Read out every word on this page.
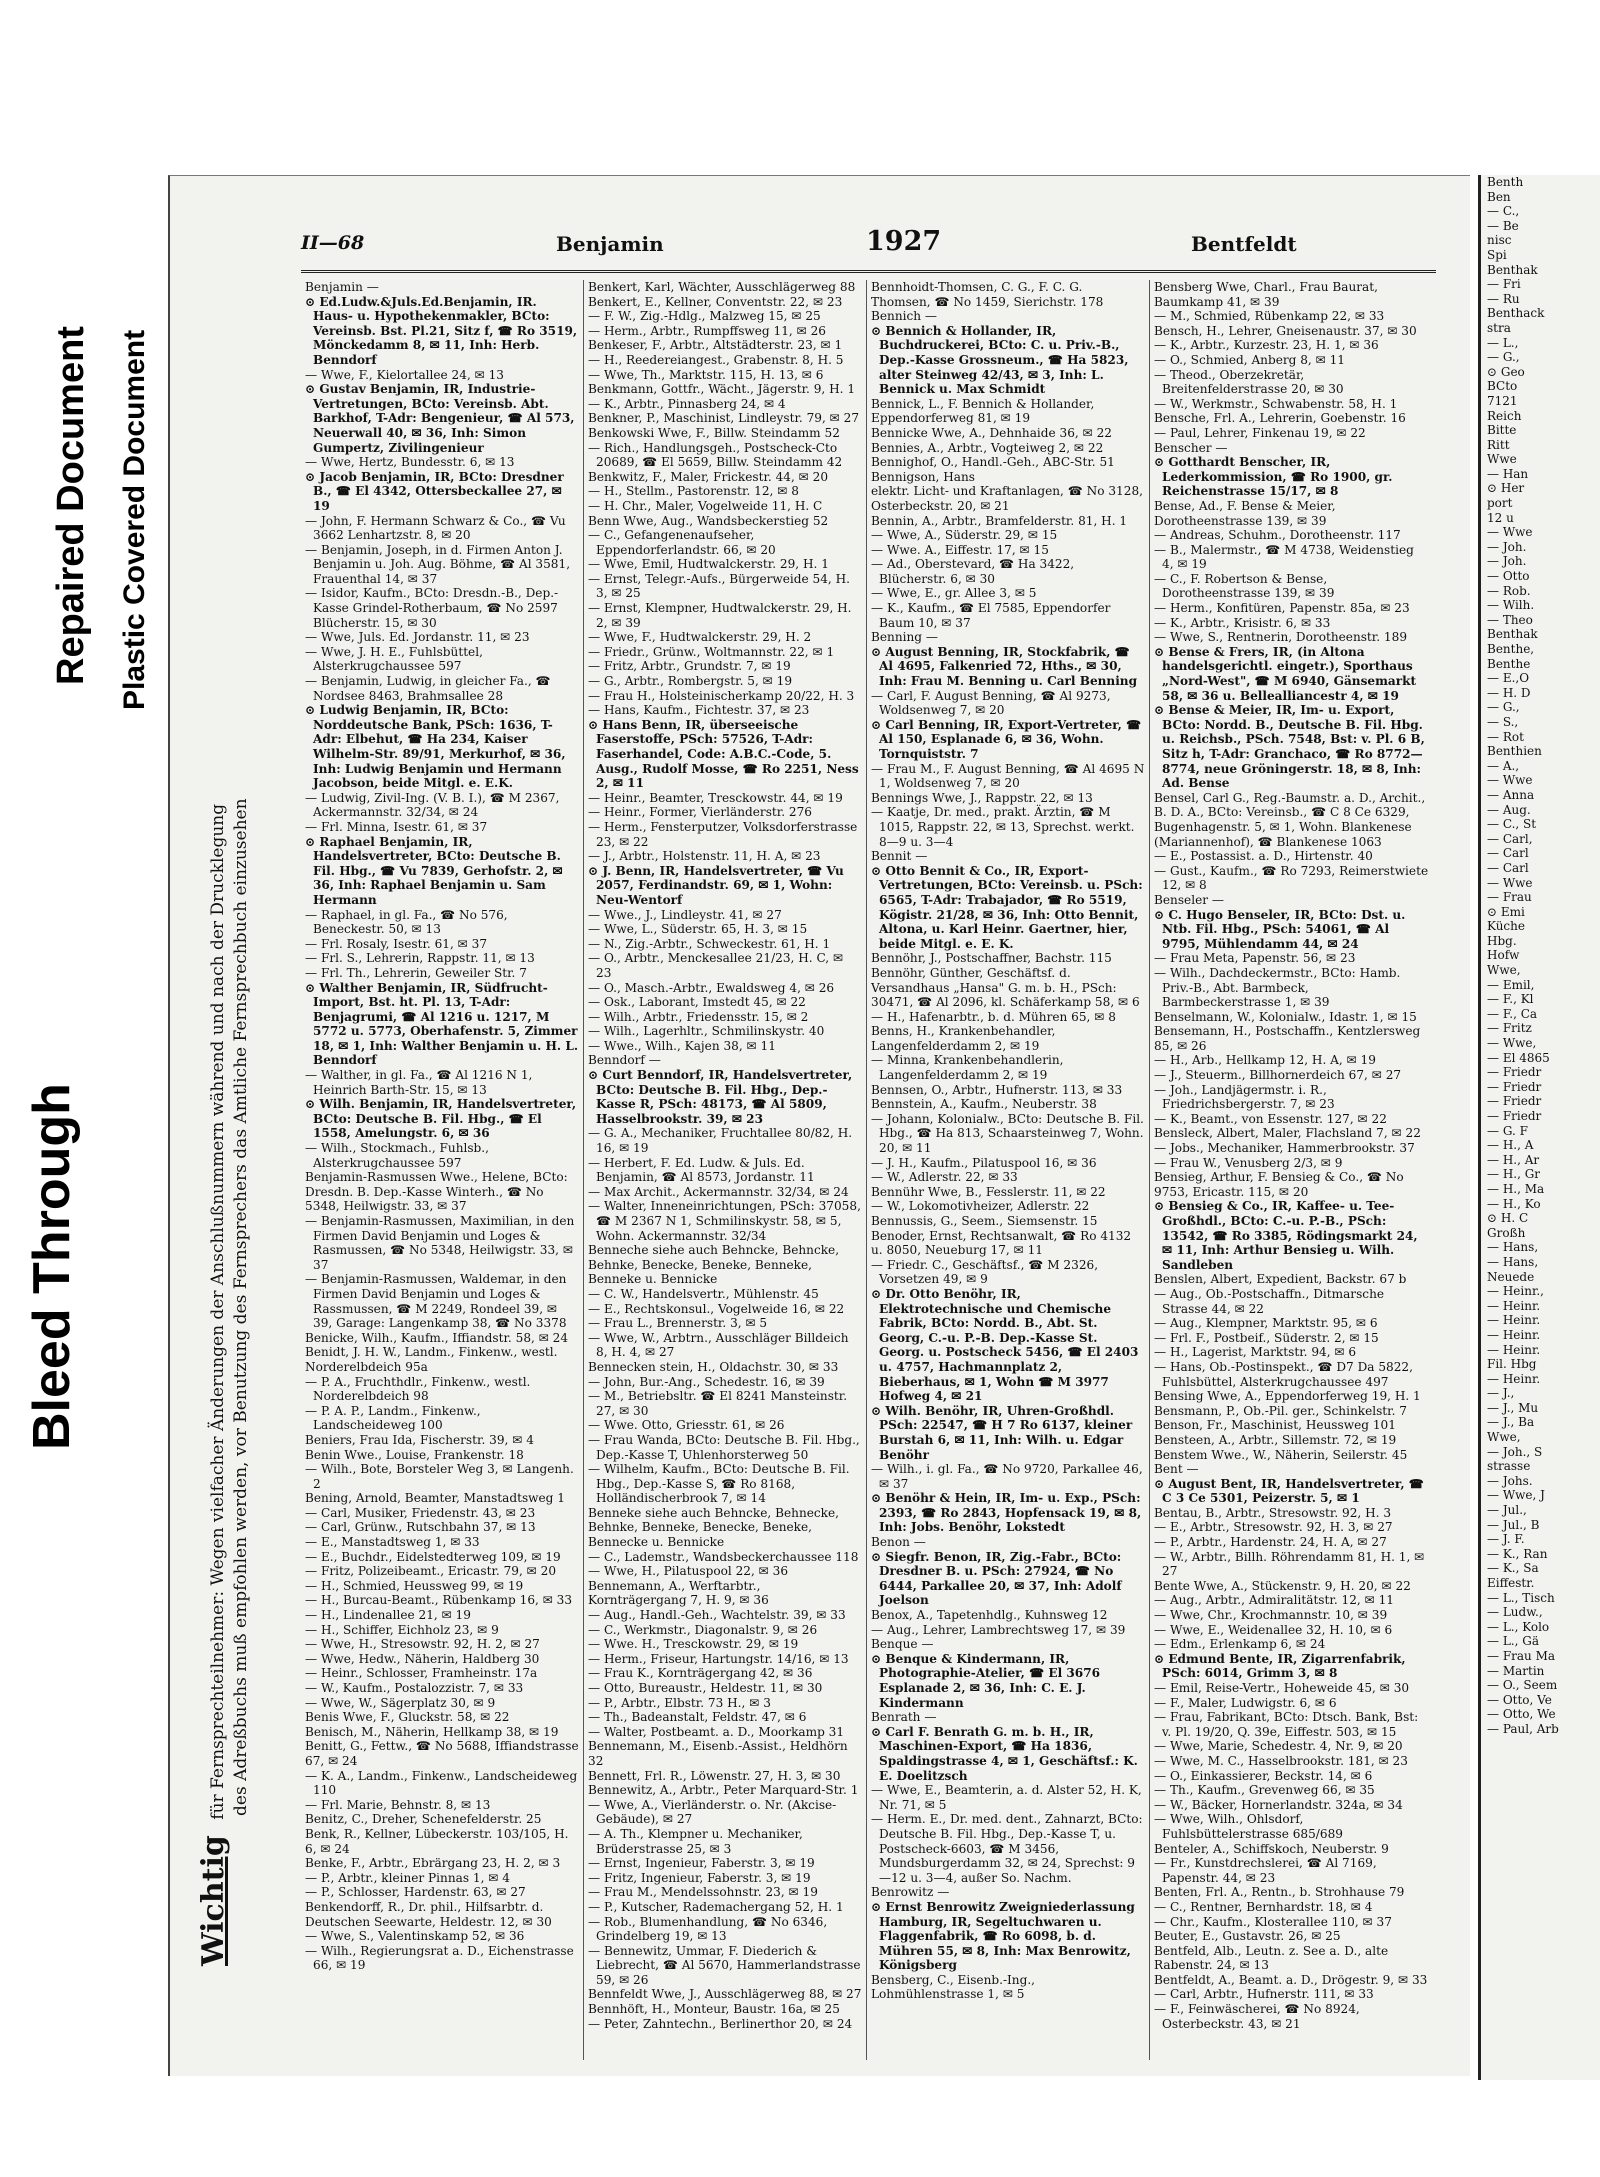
Bleed Through
Repaired Document Plastic Covered Document
Wichtig für Fernsprechteilnehmer: Wegen vielfacher Änderungen der Anschlußnummern während und nach der Drucklegung des Adreßbuchs muß empfohlen werden, vor Benutzung des Fernsprechers das Amtliche Fernsprechbuch einzusehen
II—68	Benjamin	1927	Bentfeldt

Benjamin —

⊙ Ed.Ludw.&Juls.Ed.Benjamin, IR. Haus- u. Hypothekenmakler, BCto: Vereinsb. Bst. Pl.21, Sitz f, ☎ Ro 3519, Mönckedamm 8, ✉ 11, Inh: Herb. Benndorf

— Wwe, F., Kielortallee 24, ✉ 13

⊙ Gustav Benjamin, IR, Industrie-Vertretungen, BCto: Vereinsb. Abt. Barkhof, T-Adr: Bengenieur, ☎ Al 573, Neuerwall 40, ✉ 36, Inh: Simon Gumpertz, Zivilingenieur

— Wwe, Hertz, Bundesstr. 6, ✉ 13

⊙ Jacob Benjamin, IR, BCto: Dresdner B., ☎ El 4342, Ottersbeckallee 27, ✉ 19

— John, F. Hermann Schwarz & Co., ☎ Vu 3662 Lenhartzstr. 8, ✉ 20

— Benjamin, Joseph, in d. Firmen Anton J. Benjamin u. Joh. Aug. Böhme, ☎ Al 3581, Frauenthal 14, ✉ 37

— Isidor, Kaufm., BCto: Dresdn.-B., Dep.-Kasse Grindel-Rotherbaum, ☎ No 2597 Blücherstr. 15, ✉ 30

— Wwe, Juls. Ed. Jordanstr. 11, ✉ 23

— Wwe, J. H. E., Fuhlsbüttel, Alsterkrugchaussee 597

— Benjamin, Ludwig, in gleicher Fa., ☎ Nordsee 8463, Brahmsallee 28

⊙ Ludwig Benjamin, IR, BCto: Norddeutsche Bank, PSch: 1636, T-Adr: Elbehut, ☎ Ha 234, Kaiser Wilhelm-Str. 89/91, Merkurhof, ✉ 36, Inh: Ludwig Benjamin und Hermann Jacobson, beide Mitgl. e. E.K.

— Ludwig, Zivil-Ing. (V. B. I.), ☎ M 2367, Ackermannstr. 32/34, ✉ 24

— Frl. Minna, Isestr. 61, ✉ 37

⊙ Raphael Benjamin, IR, Handelsvertreter, BCto: Deutsche B. Fil. Hbg., ☎ Vu 7839, Gerhofstr. 2, ✉ 36, Inh: Raphael Benjamin u. Sam Hermann

— Raphael, in gl. Fa., ☎ No 576, Beneckestr. 50, ✉ 13

— Frl. Rosaly, Isestr. 61, ✉ 37

— Frl. S., Lehrerin, Rappstr. 11, ✉ 13

— Frl. Th., Lehrerin, Geweiler Str. 7

⊙ Walther Benjamin, IR, Südfrucht-Import, Bst. ht. Pl. 13, T-Adr: Benjagrumi, ☎ Al 1216 u. 1217, M 5772 u. 5773, Oberhafenstr. 5, Zimmer 18, ✉ 1, Inh: Walther Benjamin u. H. L. Benndorf

— Walther, in gl. Fa., ☎ Al 1216 N 1, Heinrich Barth-Str. 15, ✉ 13

⊙ Wilh. Benjamin, IR, Handelsvertreter, BCto: Deutsche B. Fil. Hbg., ☎ El 1558, Amelungstr. 6, ✉ 36

— Wilh., Stockmach., Fuhlsb., Alsterkrugchaussee 597

Benjamin-Rasmussen Wwe., Helene, BCto: Dresdn. B. Dep.-Kasse Winterh., ☎ No 5348, Heilwigstr. 33, ✉ 37

— Benjamin-Rasmussen, Maximilian, in den Firmen David Benjamin und Loges & Rasmussen, ☎ No 5348, Heilwigstr. 33, ✉ 37

— Benjamin-Rasmussen, Waldemar, in den Firmen David Benjamin und Loges & Rassmussen, ☎ M 2249, Rondeel 39, ✉ 39, Garage: Langenkamp 38, ☎ No 3378

Benicke, Wilh., Kaufm., Iffiandstr. 58, ✉ 24

Benidt, J. H. W., Landm., Finkenw., westl. Norderelbdeich 95a

— P. A., Fruchthdlr., Finkenw., westl. Norderelbdeich 98

— P. A. P., Landm., Finkenw., Landscheideweg 100

Beniers, Frau Ida, Fischerstr. 39, ✉ 4

Benin Wwe., Louise, Frankenstr. 18

— Wilh., Bote, Borsteler Weg 3, ✉ Langenh. 2

Bening, Arnold, Beamter, Manstadtsweg 1

— Carl, Musiker, Friedenstr. 43, ✉ 23

— Carl, Grünw., Rutschbahn 37, ✉ 13

— E., Manstadtsweg 1, ✉ 33

— E., Buchdr., Eidelstedterweg 109, ✉ 19

— Fritz, Polizeibeamt., Ericastr. 79, ✉ 20

— H., Schmied, Heussweg 99, ✉ 19

— H., Burcau-Beamt., Rübenkamp 16, ✉ 33

— H., Lindenallee 21, ✉ 19

— H., Schiffer, Eichholz 23, ✉ 9

— Wwe, H., Stresowstr. 92, H. 2, ✉ 27

— Wwe, Hedw., Näherin, Haldberg 30

— Heinr., Schlosser, Framheinstr. 17a

— W., Kaufm., Postalozzistr. 7, ✉ 33

— Wwe, W., Sägerplatz 30, ✉ 9

Benis Wwe, F., Gluckstr. 58, ✉ 22

Benisch, M., Näherin, Hellkamp 38, ✉ 19

Benitt, G., Fettw., ☎ No 5688, Iffiandstrasse 67, ✉ 24

— K. A., Landm., Finkenw., Landscheideweg 110

— Frl. Marie, Behnstr. 8, ✉ 13

Benitz, C., Dreher, Schenefelderstr. 25

Benk, R., Kellner, Lübeckerstr. 103/105, H. 6, ✉ 24

Benke, F., Arbtr., Ebrärgang 23, H. 2, ✉ 3

— P., Arbtr., kleiner Pinnas 1, ✉ 4

— P., Schlosser, Hardenstr. 63, ✉ 27

Benkendorff, R., Dr. phil., Hilfsarbtr. d. Deutschen Seewarte, Heldestr. 12, ✉ 30

— Wwe, S., Valentinskamp 52, ✉ 36

— Wilh., Regierungsrat a. D., Eichenstrasse 66, ✉ 19

Benkert, Karl, Wächter, Ausschlägerweg 88

Benkert, E., Kellner, Conventstr. 22, ✉ 23

— F. W., Zig.-Hdlg., Malzweg 15, ✉ 25

— Herm., Arbtr., Rumpffsweg 11, ✉ 26

Benkeser, F., Arbtr., Altstädterstr. 23, ✉ 1

— H., Reedereiangest., Grabenstr. 8, H. 5

— Wwe, Th., Marktstr. 115, H. 13, ✉ 6

Benkmann, Gottfr., Wächt., Jägerstr. 9, H. 1

— K., Arbtr., Pinnasberg 24, ✉ 4

Benkner, P., Maschinist, Lindleystr. 79, ✉ 27

Benkowski Wwe, F., Billw. Steindamm 52

— Rich., Handlungsgeh., Postscheck-Cto 20689, ☎ El 5659, Billw. Steindamm 42

Benkwitz, F., Maler, Frickestr. 44, ✉ 20

— H., Stellm., Pastorenstr. 12, ✉ 8

— H. Chr., Maler, Vogelweide 11, H. C

Benn Wwe, Aug., Wandsbeckerstieg 52

— C., Gefangenenaufseher, Eppendorferlandstr. 66, ✉ 20

— Wwe, Emil, Hudtwalckerstr. 29, H. 1

— Ernst, Telegr.-Aufs., Bürgerweide 54, H. 3, ✉ 25

— Ernst, Klempner, Hudtwalckerstr. 29, H. 2, ✉ 39

— Wwe, F., Hudtwalckerstr. 29, H. 2

— Friedr., Grünw., Woltmannstr. 22, ✉ 1

— Fritz, Arbtr., Grundstr. 7, ✉ 19

— G., Arbtr., Rombergstr. 5, ✉ 19

— Frau H., Holsteinischerkamp 20/22, H. 3

— Hans, Kaufm., Fichtestr. 37, ✉ 23

⊙ Hans Benn, IR, überseeische Faserstoffe, PSch: 57526, T-Adr: Faserhandel, Code: A.B.C.-Code, 5. Ausg., Rudolf Mosse, ☎ Ro 2251, Ness 2, ✉ 11

— Heinr., Beamter, Tresckowstr. 44, ✉ 19

— Heinr., Former, Vierländerstr. 276

— Herm., Fensterputzer, Volksdorferstrasse 23, ✉ 22

— J., Arbtr., Holstenstr. 11, H. A, ✉ 23

⊙ J. Benn, IR, Handelsvertreter, ☎ Vu 2057, Ferdinandstr. 69, ✉ 1, Wohn: Neu-Wentorf

— Wwe., J., Lindleystr. 41, ✉ 27

— Wwe, L., Süderstr. 65, H. 3, ✉ 15

— N., Zig.-Arbtr., Schweckestr. 61, H. 1

— O., Arbtr., Menckesallee 21/23, H. C, ✉ 23

— O., Masch.-Arbtr., Ewaldsweg 4, ✉ 26

— Osk., Laborant, Imstedt 45, ✉ 22

— Wilh., Arbtr., Friedensstr. 15, ✉ 2

— Wilh., Lagerhltr., Schmilinskystr. 40

— Wwe., Wilh., Kajen 38, ✉ 11

Benndorf —

⊙ Curt Benndorf, IR, Handelsvertreter, BCto: Deutsche B. Fil. Hbg., Dep.-Kasse R, PSch: 48173, ☎ Al 5809, Hasselbrookstr. 39, ✉ 23

— G. A., Mechaniker, Fruchtallee 80/82, H. 16, ✉ 19

— Herbert, F. Ed. Ludw. & Juls. Ed. Benjamin, ☎ Al 8573, Jordanstr. 11

— Max Archit., Ackermannstr. 32/34, ✉ 24

— Walter, Inneneinrichtungen, PSch: 37058, ☎ M 2367 N 1, Schmilinskystr. 58, ✉ 5, Wohn. Ackermannstr. 32/34

Benneche siehe auch Behncke, Behncke, Behnke, Benecke, Beneke, Benneke, Benneke u. Bennicke

— C. W., Handelsvertr., Mühlenstr. 45

— E., Rechtskonsul., Vogelweide 16, ✉ 22

— Frau L., Brennerstr. 3, ✉ 5

— Wwe, W., Arbtrn., Ausschläger Billdeich 8, H. 4, ✉ 27

Bennecken stein, H., Oldachstr. 30, ✉ 33

— John, Bur.-Ang., Schedestr. 16, ✉ 39

— M., Betriebsltr. ☎ El 8241 Mansteinstr. 27, ✉ 30

— Wwe. Otto, Griesstr. 61, ✉ 26

— Frau Wanda, BCto: Deutsche B. Fil. Hbg., Dep.-Kasse T, Uhlenhorsterweg 50

— Wilhelm, Kaufm., BCto: Deutsche B. Fil. Hbg., Dep.-Kasse S, ☎ Ro 8168, Holländischerbrook 7, ✉ 14

Benneke siehe auch Behncke, Behnecke, Behnke, Benneke, Benecke, Beneke, Bennecke u. Bennicke

— C., Lademstr., Wandsbeckerchaussee 118

— Wwe, H., Pilatuspool 22, ✉ 36

Bennemann, A., Werftarbtr., Kornträgergang 7, H. 9, ✉ 36

— Aug., Handl.-Geh., Wachtelstr. 39, ✉ 33

— C., Werkmstr., Diagonalstr. 9, ✉ 26

— Wwe. H., Tresckowstr. 29, ✉ 19

— Herm., Friseur, Hartungstr. 14/16, ✉ 13

— Frau K., Kornträgergang 42, ✉ 36

— Otto, Bureaustr., Heldestr. 11, ✉ 30

— P., Arbtr., Elbstr. 73 H., ✉ 3

— Th., Badeanstalt, Feldstr. 47, ✉ 6

— Walter, Postbeamt. a. D., Moorkamp 31

Bennemann, M., Eisenb.-Assist., Heldhörn 32

Bennett, Frl. R., Löwenstr. 27, H. 3, ✉ 30

Bennewitz, A., Arbtr., Peter Marquard-Str. 1

— Wwe, A., Vierländerstr. o. Nr. (Akcise-Gebäude), ✉ 27

— A. Th., Klempner u. Mechaniker, Brüderstrasse 25, ✉ 3

— Ernst, Ingenieur, Faberstr. 3, ✉ 19

— Fritz, Ingenieur, Faberstr. 3, ✉ 19

— Frau M., Mendelssohnstr. 23, ✉ 19

— P., Kutscher, Rademachergang 52, H. 1

— Rob., Blumenhandlung, ☎ No 6346, Grindelberg 19, ✉ 13

— Bennewitz, Ummar, F. Diederich & Liebrecht, ☎ Al 5670, Hammerlandstrasse 59, ✉ 26

Bennfeldt Wwe, J., Ausschlägerweg 88, ✉ 27

Bennhöft, H., Monteur, Baustr. 16a, ✉ 25

— Peter, Zahntechn., Berlinerthor 20, ✉ 24

Bennhoidt-Thomsen, C. G., F. C. G. Thomsen, ☎ No 1459, Sierichstr. 178

Bennich —

⊙ Bennich & Hollander, IR, Buchdruckerei, BCto: C. u. Priv.-B., Dep.-Kasse Grossneum., ☎ Ha 5823, alter Steinweg 42/43, ✉ 3, Inh: L. Bennick u. Max Schmidt

Bennick, L., F. Bennich & Hollander, Eppendorferweg 81, ✉ 19

Bennicke Wwe, A., Dehnhaide 36, ✉ 22

Bennies, A., Arbtr., Vogteiweg 2, ✉ 22

Bennighof, O., Handl.-Geh., ABC-Str. 51

Bennigson, Hans

elektr. Licht- und Kraftanlagen, ☎ No 3128, Osterbeckstr. 20, ✉ 21

Bennin, A., Arbtr., Bramfelderstr. 81, H. 1

— Wwe, A., Süderstr. 29, ✉ 15

— Wwe. A., Eiffestr. 17, ✉ 15

— Ad., Oberstevard, ☎ Ha 3422, Blücherstr. 6, ✉ 30

— Wwe, E., gr. Allee 3, ✉ 5

— K., Kaufm., ☎ El 7585, Eppendorfer Baum 10, ✉ 37

Benning —

⊙ August Benning, IR, Stockfabrik, ☎ Al 4695, Falkenried 72, Hths., ✉ 30, Inh: Frau M. Benning u. Carl Benning

— Carl, F. August Benning, ☎ Al 9273, Woldsenweg 7, ✉ 20

⊙ Carl Benning, IR, Export-Vertreter, ☎ Al 150, Esplanade 6, ✉ 36, Wohn. Tornquiststr. 7

— Frau M., F. August Benning, ☎ Al 4695 N 1, Woldsenweg 7, ✉ 20

Bennings Wwe, J., Rappstr. 22, ✉ 13

— Kaatje, Dr. med., prakt. Ärztin, ☎ M 1015, Rappstr. 22, ✉ 13, Sprechst. werkt. 8—9 u. 3—4

Bennit —

⊙ Otto Bennit & Co., IR, Export-Vertretungen, BCto: Vereinsb. u. PSch: 6565, T-Adr: Trabajador, ☎ Ro 5519, Kögistr. 21/28, ✉ 36, Inh: Otto Bennit, Altona, u. Karl Heinr. Gaertner, hier, beide Mitgl. e. E. K.

Bennöhr, J., Postschaffner, Bachstr. 115

Bennöhr, Günther, Geschäftsf. d. Versandhaus „Hansa" G. m. b. H., PSch: 30471, ☎ Al 2096, kl. Schäferkamp 58, ✉ 6

— H., Hafenarbtr., b. d. Mühren 65, ✉ 8

Benns, H., Krankenbehandler, Langenfelderdamm 2, ✉ 19

— Minna, Krankenbehandlerin, Langenfelderdamm 2, ✉ 19

Bennsen, O., Arbtr., Hufnerstr. 113, ✉ 33

Bennstein, A., Kaufm., Neuberstr. 38

— Johann, Kolonialw., BCto: Deutsche B. Fil. Hbg., ☎ Ha 813, Schaarsteinweg 7, Wohn. 20, ✉ 11

— J. H., Kaufm., Pilatuspool 16, ✉ 36

— W., Adlerstr. 22, ✉ 33

Bennühr Wwe, B., Fesslerstr. 11, ✉ 22

— W., Lokomotivheizer, Adlerstr. 22

Bennussis, G., Seem., Siemsenstr. 15

Benoder, Ernst, Rechtsanwalt, ☎ Ro 4132 u. 8050, Neueburg 17, ✉ 11

— Friedr. C., Geschäftsf., ☎ M 2326, Vorsetzen 49, ✉ 9

⊙ Dr. Otto Benöhr, IR, Elektrotechnische und Chemische Fabrik, BCto: Nordd. B., Abt. St. Georg, C.-u. P.-B. Dep.-Kasse St. Georg. u. Postscheck 5456, ☎ El 2403 u. 4757, Hachmannplatz 2, Bieberhaus, ✉ 1, Wohn ☎ M 3977 Hofweg 4, ✉ 21

⊙ Wilh. Benöhr, IR, Uhren-Großhdl. PSch: 22547, ☎ H 7 Ro 6137, kleiner Burstah 6, ✉ 11, Inh: Wilh. u. Edgar Benöhr

— Wilh., i. gl. Fa., ☎ No 9720, Parkallee 46, ✉ 37

⊙ Benöhr & Hein, IR, Im- u. Exp., PSch: 2393, ☎ Ro 2843, Hopfensack 19, ✉ 8, Inh: Jobs. Benöhr, Lokstedt

Benon —

⊙ Siegfr. Benon, IR, Zig.-Fabr., BCto: Dresdner B. u. PSch: 27924, ☎ No 6444, Parkallee 20, ✉ 37, Inh: Adolf Joelson

Benox, A., Tapetenhdlg., Kuhnsweg 12

— Aug., Lehrer, Lambrechtsweg 17, ✉ 39

Benque —

⊙ Benque & Kindermann, IR, Photographie-Atelier, ☎ El 3676 Esplanade 2, ✉ 36, Inh: C. E. J. Kindermann

Benrath —

⊙ Carl F. Benrath G. m. b. H., IR, Maschinen-Export, ☎ Ha 1836, Spaldingstrasse 4, ✉ 1, Geschäftsf.: K. E. Doelitzsch

— Wwe, E., Beamterin, a. d. Alster 52, H. K, Nr. 71, ✉ 5

— Herm. E., Dr. med. dent., Zahnarzt, BCto: Deutsche B. Fil. Hbg., Dep.-Kasse T, u. Postscheck-6603, ☎ M 3456, Mundsburgerdamm 32, ✉ 24, Sprechst: 9—12 u. 3—4, außer So. Nachm.

Benrowitz —

⊙ Ernst Benrowitz Zweigniederlassung Hamburg, IR, Segeltuchwaren u. Flaggenfabrik, ☎ Ro 6098, b. d. Mühren 55, ✉ 8, Inh: Max Benrowitz, Königsberg

Bensberg, C., Eisenb.-Ing., Lohmühlenstrasse 1, ✉ 5

Bensberg Wwe, Charl., Frau Baurat, Baumkamp 41, ✉ 39

— M., Schmied, Rübenkamp 22, ✉ 33

Bensch, H., Lehrer, Gneisenaustr. 37, ✉ 30

— K., Arbtr., Kurzestr. 23, H. 1, ✉ 36

— O., Schmied, Anberg 8, ✉ 11

— Theod., Oberzekretär, Breitenfelderstrasse 20, ✉ 30

— W., Werkmstr., Schwabenstr. 58, H. 1

Bensche, Frl. A., Lehrerin, Goebenstr. 16

— Paul, Lehrer, Finkenau 19, ✉ 22

Benscher —

⊙ Gotthardt Benscher, IR, Lederkommission, ☎ Ro 1900, gr. Reichenstrasse 15/17, ✉ 8

Bense, Ad., F. Bense & Meier, Dorotheenstrasse 139, ✉ 39

— Andreas, Schuhm., Dorotheenstr. 117

— B., Malermstr., ☎ M 4738, Weidenstieg 4, ✉ 19

— C., F. Robertson & Bense, Dorotheenstrasse 139, ✉ 39

— Herm., Konfitüren, Papenstr. 85a, ✉ 23

— K., Arbtr., Krisistr. 6, ✉ 33

— Wwe, S., Rentnerin, Dorotheenstr. 189

⊙ Bense & Frers, IR, (in Altona handelsgerichtl. eingetr.), Sporthaus „Nord-West", ☎ M 6940, Gänsemarkt 58, ✉ 36 u. Bellealliancestr 4, ✉ 19

⊙ Bense & Meier, IR, Im- u. Export, BCto: Nordd. B., Deutsche B. Fil. Hbg. u. Reichsb., PSch. 7548, Bst: v. Pl. 6 B, Sitz h, T-Adr: Granchaco, ☎ Ro 8772—8774, neue Gröningerstr. 18, ✉ 8, Inh: Ad. Bense

Bensel, Carl G., Reg.-Baumstr. a. D., Archit., B. D. A., BCto: Vereinsb., ☎ C 8 Ce 6329, Bugenhagenstr. 5, ✉ 1, Wohn. Blankenese (Mariannenhof), ☎ Blankenese 1063

— E., Postassist. a. D., Hirtenstr. 40

— Gust., Kaufm., ☎ Ro 7293, Reimerstwiete 12, ✉ 8

Benseler —

⊙ C. Hugo Benseler, IR, BCto: Dst. u. Ntb. Fil. Hbg., PSch: 54061, ☎ Al 9795, Mühlendamm 44, ✉ 24

— Frau Meta, Papenstr. 56, ✉ 23

— Wilh., Dachdeckermstr., BCto: Hamb. Priv.-B., Abt. Barmbeck, Barmbeckerstrasse 1, ✉ 39

Benselmann, W., Kolonialw., Idastr. 1, ✉ 15

Bensemann, H., Postschaffn., Kentzlersweg 85, ✉ 26

— H., Arb., Hellkamp 12, H. A, ✉ 19

— J., Steuerm., Billhornerdeich 67, ✉ 27

— Joh., Landjägermstr. i. R., Friedrichsbergerstr. 7, ✉ 23

— K., Beamt., von Essenstr. 127, ✉ 22

Bensleck, Albert, Maler, Flachsland 7, ✉ 22

— Jobs., Mechaniker, Hammerbrookstr. 37

— Frau W., Venusberg 2/3, ✉ 9

Bensieg, Arthur, F. Bensieg & Co., ☎ No 9753, Ericastr. 115, ✉ 20

⊙ Bensieg & Co., IR, Kaffee- u. Tee-Großhdl., BCto: C.-u. P.-B., PSch: 13542, ☎ Ro 3385, Rödingsmarkt 24, ✉ 11, Inh: Arthur Bensieg u. Wilh. Sandleben

Benslen, Albert, Expedient, Backstr. 67 b

— Aug., Ob.-Postschaffn., Ditmarsche Strasse 44, ✉ 22

— Aug., Klempner, Marktstr. 95, ✉ 6

— Frl. F., Postbeif., Süderstr. 2, ✉ 15

— H., Lagerist, Marktstr. 94, ✉ 6

— Hans, Ob.-Postinspekt., ☎ D7 Da 5822, Fuhlsbüttel, Alsterkrugchaussee 497

Bensing Wwe, A., Eppendorferweg 19, H. 1

Bensmann, P., Ob.-Pil. ger., Schinkelstr. 7

Benson, Fr., Maschinist, Heussweg 101

Bensteen, A., Arbtr., Sillemstr. 72, ✉ 19

Benstem Wwe., W., Näherin, Seilerstr. 45

Bent —

⊙ August Bent, IR, Handelsvertreter, ☎ C 3 Ce 5301, Peizerstr. 5, ✉ 1

Bentau, B., Arbtr., Stresowstr. 92, H. 3

— E., Arbtr., Stresowstr. 92, H. 3, ✉ 27

— P., Arbtr., Hardenstr. 24, H. A, ✉ 27

— W., Arbtr., Billh. Röhrendamm 81, H. 1, ✉ 27

Bente Wwe, A., Stückenstr. 9, H. 20, ✉ 22

— Aug., Arbtr., Admiralitätstr. 12, ✉ 11

— Wwe, Chr., Krochmannstr. 10, ✉ 39

— Wwe, E., Weidenallee 32, H. 10, ✉ 6

— Edm., Erlenkamp 6, ✉ 24

⊙ Edmund Bente, IR, Zigarrenfabrik, PSch: 6014, Grimm 3, ✉ 8

— Emil, Reise-Vertr., Hoheweide 45, ✉ 30

— F., Maler, Ludwigstr. 6, ✉ 6

— Frau, Fabrikant, BCto: Dtsch. Bank, Bst: v. Pl. 19/20, Q. 39e, Eiffestr. 503, ✉ 15

— Wwe, Marie, Schedestr. 4, Nr. 9, ✉ 20

— Wwe, M. C., Hasselbrookstr. 181, ✉ 23

— O., Einkassierer, Beckstr. 14, ✉ 6

— Th., Kaufm., Grevenweg 66, ✉ 35

— W., Bäcker, Hornerlandstr. 324a, ✉ 34

— Wwe, Wilh., Ohlsdorf, Fuhlsbüttelerstrasse 685/689

Benteler, A., Schiffskoch, Neuberstr. 9

— Fr., Kunstdrechslerei, ☎ Al 7169, Papenstr. 44, ✉ 23

Benten, Frl. A., Rentn., b. Strohhause 79

— C., Rentner, Bernhardstr. 18, ✉ 4

— Chr., Kaufm., Klosterallee 110, ✉ 37

Beuter, E., Gustavstr. 26, ✉ 25

Bentfeld, Alb., Leutn. z. See a. D., alte Rabenstr. 24, ✉ 13

Bentfeldt, A., Beamt. a. D., Drögestr. 9, ✉ 33

— Carl, Arbtr., Hufnerstr. 111, ✉ 33

— F., Feinwäscherei, ☎ No 8924, Osterbeckstr. 43, ✉ 21

Benth

Ben

— C.,

— Be

nisc

Spi

Benthak

— Fri

— Ru

Benthack

stra

— L.,

— G.,

⊙ Geo

BCto

7121

Reich

Bitte

Ritt

Wwe

— Han

⊙ Her

port

12 u

— Wwe

— Joh.

— Joh.

— Otto

— Rob.

— Wilh.

— Theo

Benthak

Benthe,

Benthe

— E.,O

— H. D

— G.,

— S.,

— Rot

Benthien

— A.,

— Wwe

— Anna

— Aug.

— C., St

— Carl,

— Carl

— Carl

— Wwe

— Frau

⊙ Emi

Küche

Hbg.

Hofw

Wwe,

— Emil,

— F., Kl

— F., Ca

— Fritz

— Wwe,

— El 4865

— Friedr

— Friedr

— Friedr

— Friedr

— G. F

— H., A

— H., Ar

— H., Gr

— H., Ma

— H., Ko

⊙ H. C

Großh

— Hans,

— Hans,

Neuede

— Heinr.,

— Heinr.

— Heinr.

— Heinr.

— Heinr.

Fil. Hbg

— Heinr.

— J.,

— J., Mu

— J., Ba

Wwe,

— Joh., S

strasse

— Johs.

— Wwe, J

— Jul.,

— Jul., B

— J. F.

— K., Ran

— K., Sa

Eiffestr.

— L., Tisch

— Ludw.,

— L., Kolo

— L., Gä

— Frau Ma

— Martin

— O., Seem

— Otto, Ve

— Otto, We

— Paul, Arb
